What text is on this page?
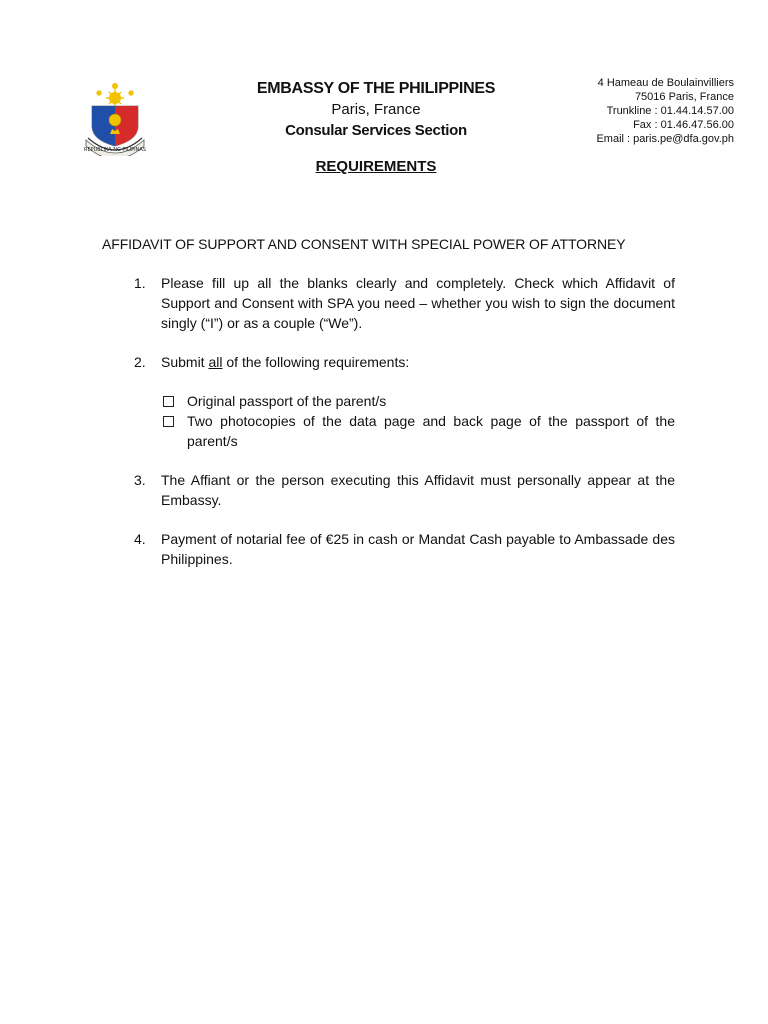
REPUBLIKA NG PILIPINAS
EMBASSY OF THE PHILIPPINES
Paris, France
Consular Services Section
REQUIREMENTS
4 Hameau de Boulainvilliers
75016 Paris, France
Trunkline : 01.44.14.57.00
Fax : 01.46.47.56.00
Email : paris.pe@dfa.gov.ph
AFFIDAVIT OF SUPPORT AND CONSENT WITH SPECIAL POWER OF ATTORNEY
1.	Please fill up all the blanks clearly and completely. Check which Affidavit of Support and Consent with SPA you need – whether you wish to sign the document singly (“I”) or as a couple (“We”).
2.	Submit all of the following requirements:
Original passport of the parent/s
Two photocopies of the data page and back page of the passport of the parent/s
3.	The Affiant or the person executing this Affidavit must personally appear at the Embassy.
4.	Payment of notarial fee of €25 in cash or Mandat Cash payable to Ambassade des Philippines.
